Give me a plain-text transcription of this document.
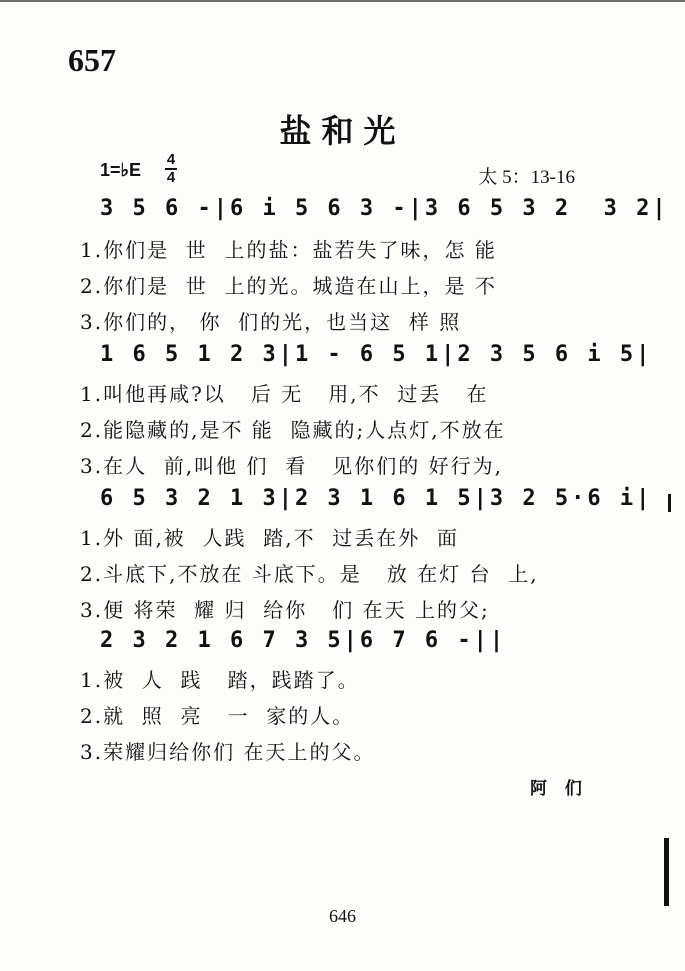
657
盐和光
1=♭E
4
4	太 5：13-16
3 5 6 -|6 i 5 6 3 -|3 6 5 3 2  3 2|
1.你们是  世  上的盐：盐若失了味，怎 能
2.你们是  世  上的光。城造在山上，是 不
3.你们的， 你  们的光，也当这  样 照
1 6 5 1 2 3|1 - 6 5 1|2 3 5 6 i 5|
1.叫他再咸?以   后 无   用,不  过丢   在
2.能隐藏的,是不 能  隐藏的;人点灯,不放在
3.在人  前,叫他 们  看   见你们的 好行为,
6 5 3 2 1 3|2 3 1 6 1 5|3 2 5·6 i|
1.外 面,被  人践  踏,不  过丢在外  面
2.斗底下,不放在 斗底下。是   放 在灯 台  上,
3.便 将荣  耀 归  给你   们 在天 上的父;
2 3 2 1 6 7 3 5|6 7 6 -||
1.被  人  践   踏，践踏了。
2.就  照  亮   一  家的人。
3.荣耀归给你们 在天上的父。
阿 们
646
